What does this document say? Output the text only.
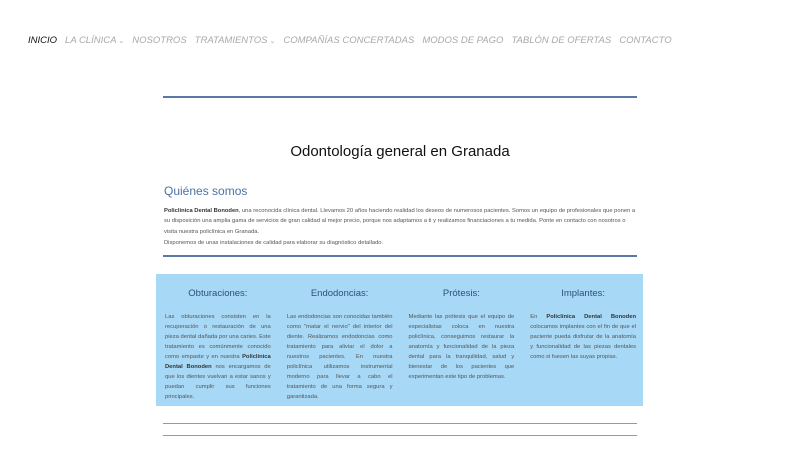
INICIO LA CLÍNICA ⌄ NOSOTROS TRATAMIENTOS ⌄ COMPAÑÍAS CONCERTADAS MODOS DE PAGO TABLÓN DE OFERTAS CONTACTO
Odontología general en Granada
Quiénes somos

Policlínica Dental Bonoden, una reconocida clínica dental. Llevamos 20 años haciendo realidad los deseos de numerosos pacientes. Somos un equipo de profesionales que ponen a su disposición una amplia gama de servicios de gran calidad al mejor precio, porque nos adaptamos a ti y realizamos financiaciones a tu medida. Ponte en contacto con nosotros o visita nuestra policlínica en Granada.

Disponemos de unas instalaciones de calidad para elaborar su diagnóstico detallado.

Obturaciones:

Las obturaciones consisten en la recuperación o restauración de una pieza dental dañada por una caries. Este tratamiento es comúnmente conocido como empaste y en nuestra Policlínica Dental Bonoden nos encargamos de que los dientes vuelvan a estar sanos y puedan cumplir sus funciones principales.

Endodoncias:

Las endodoncias son conocidas también como "matar el nervio" del interior del diente. Realizamos endodoncias como tratamiento para aliviar el dolor a nuestros pacientes. En nuestra policlínica utilizamos instrumental moderno para llevar a cabo el tratamiento de una forma segura y garantizada.

Prótesis:

Mediante las prótesis que el equipo de especialistas coloca en nuestra policlínica, conseguimos restaurar la anatomía y funcionalidad de la pieza dental para la tranquilidad, salud y bienestar de los pacientes que experimentan este tipo de problemas.

Implantes:

En Policlínica Dental Bonoden colocamos implantes con el fin de que el paciente pueda disfrutar de la anatomía y funcionalidad de las piezas dentales como si fuesen las suyas propias.
